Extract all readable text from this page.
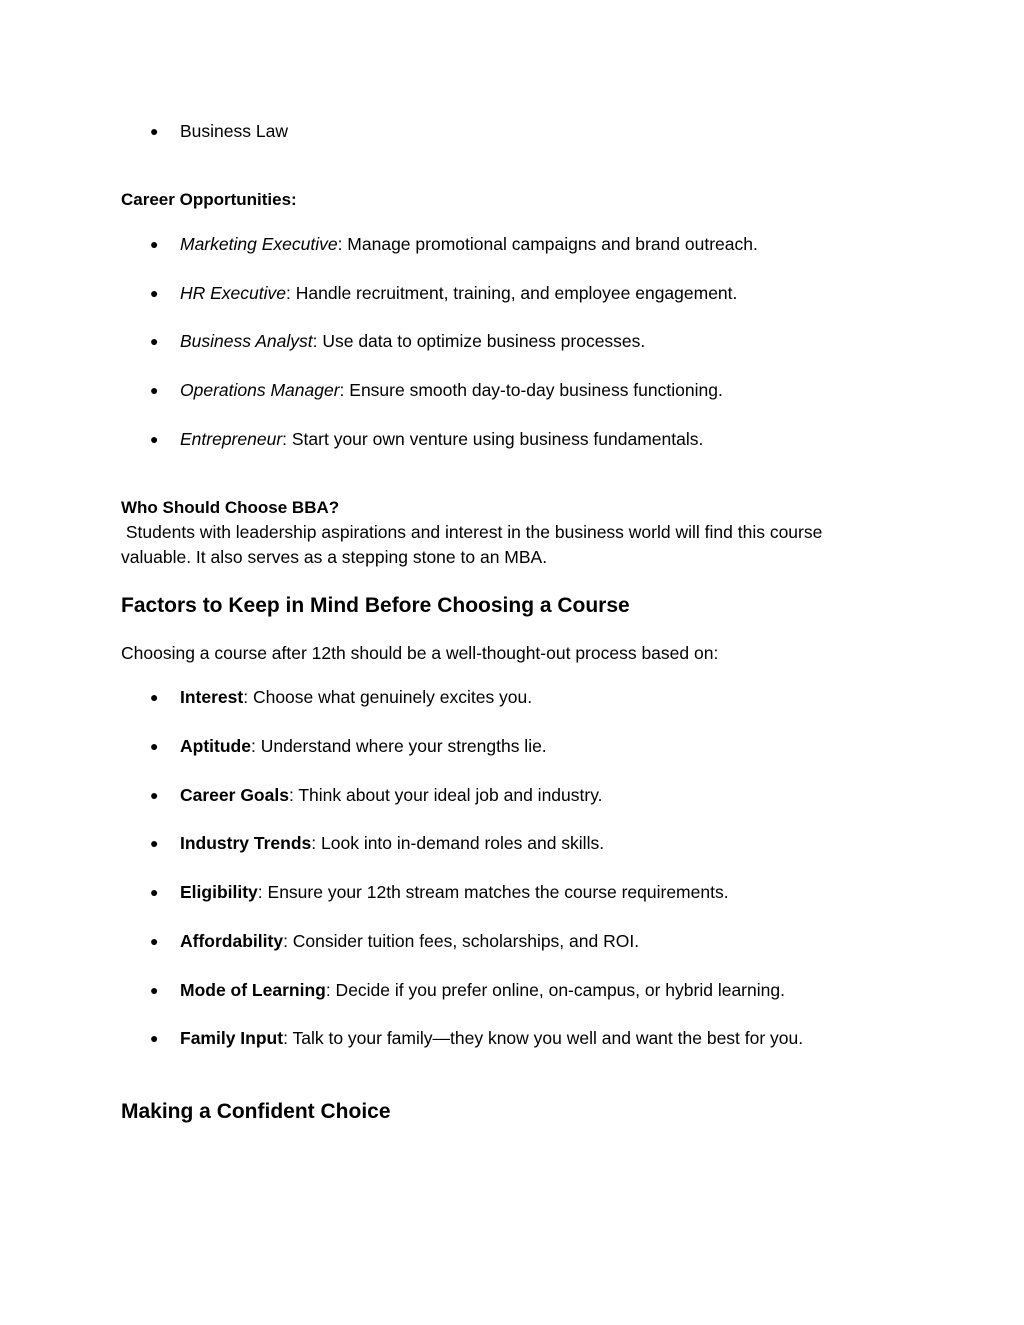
● Business Law
Career Opportunities:
● Marketing Executive: Manage promotional campaigns and brand outreach.
● HR Executive: Handle recruitment, training, and employee engagement.
● Business Analyst: Use data to optimize business processes.
● Operations Manager: Ensure smooth day-to-day business functioning.
● Entrepreneur: Start your own venture using business fundamentals.
Who Should Choose BBA?
Students with leadership aspirations and interest in the business world will find this course
valuable. It also serves as a stepping stone to an MBA.
Factors to Keep in Mind Before Choosing a Course
Choosing a course after 12th should be a well-thought-out process based on:
● Interest: Choose what genuinely excites you.
● Aptitude: Understand where your strengths lie.
● Career Goals: Think about your ideal job and industry.
● Industry Trends: Look into in-demand roles and skills.
● Eligibility: Ensure your 12th stream matches the course requirements.
● Affordability: Consider tuition fees, scholarships, and ROI.
● Mode of Learning: Decide if you prefer online, on-campus, or hybrid learning.
● Family Input: Talk to your family—they know you well and want the best for you.
Making a Confident Choice
